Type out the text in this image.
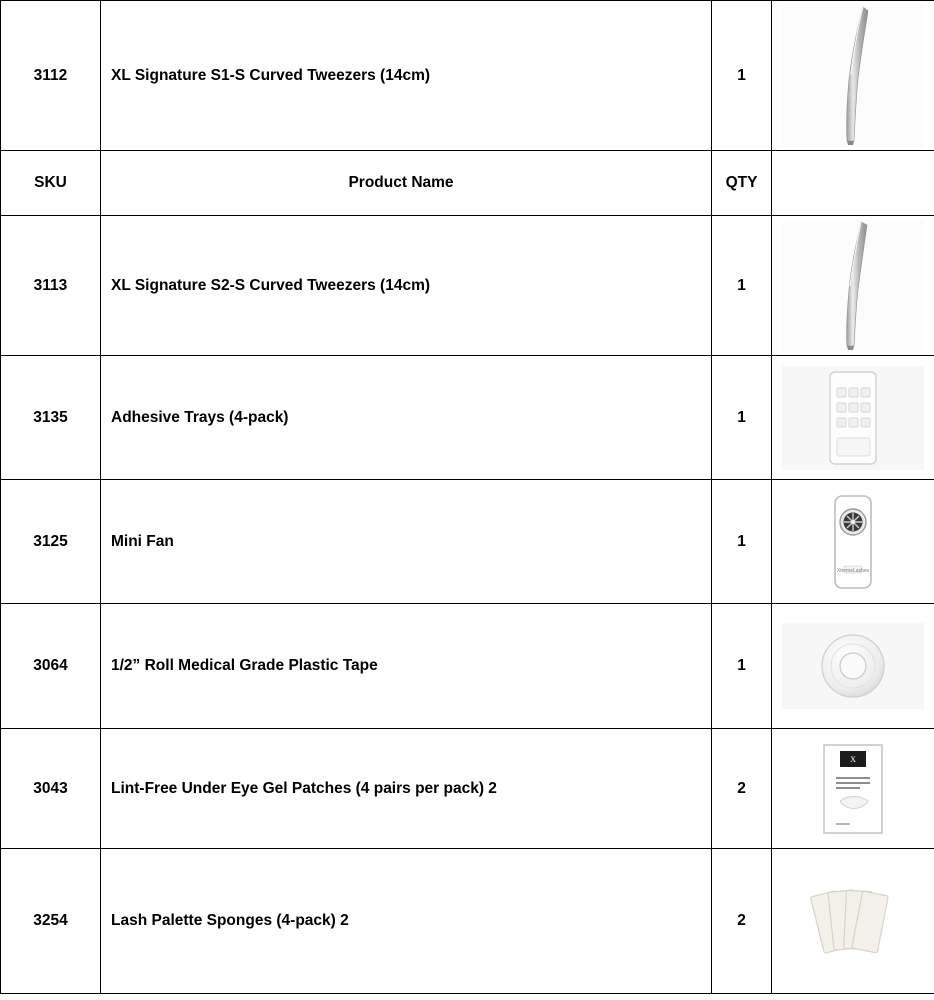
3112	XL Signature S1-S Curved Tweezers (14cm)	1	

SKU	Product Name	QTY	
3113	XL Signature S2-S Curved Tweezers (14cm)	1	

3135	Adhesive Trays (4-pack)	1	

3125	Mini Fan	1	XtremeLashes

3064	1/2” Roll Medical Grade Plastic Tape	1	

3043	Lint-Free Under Eye Gel Patches (4 pairs per pack) 2	2	X

3254	Lash Palette Sponges (4-pack) 2	2	
